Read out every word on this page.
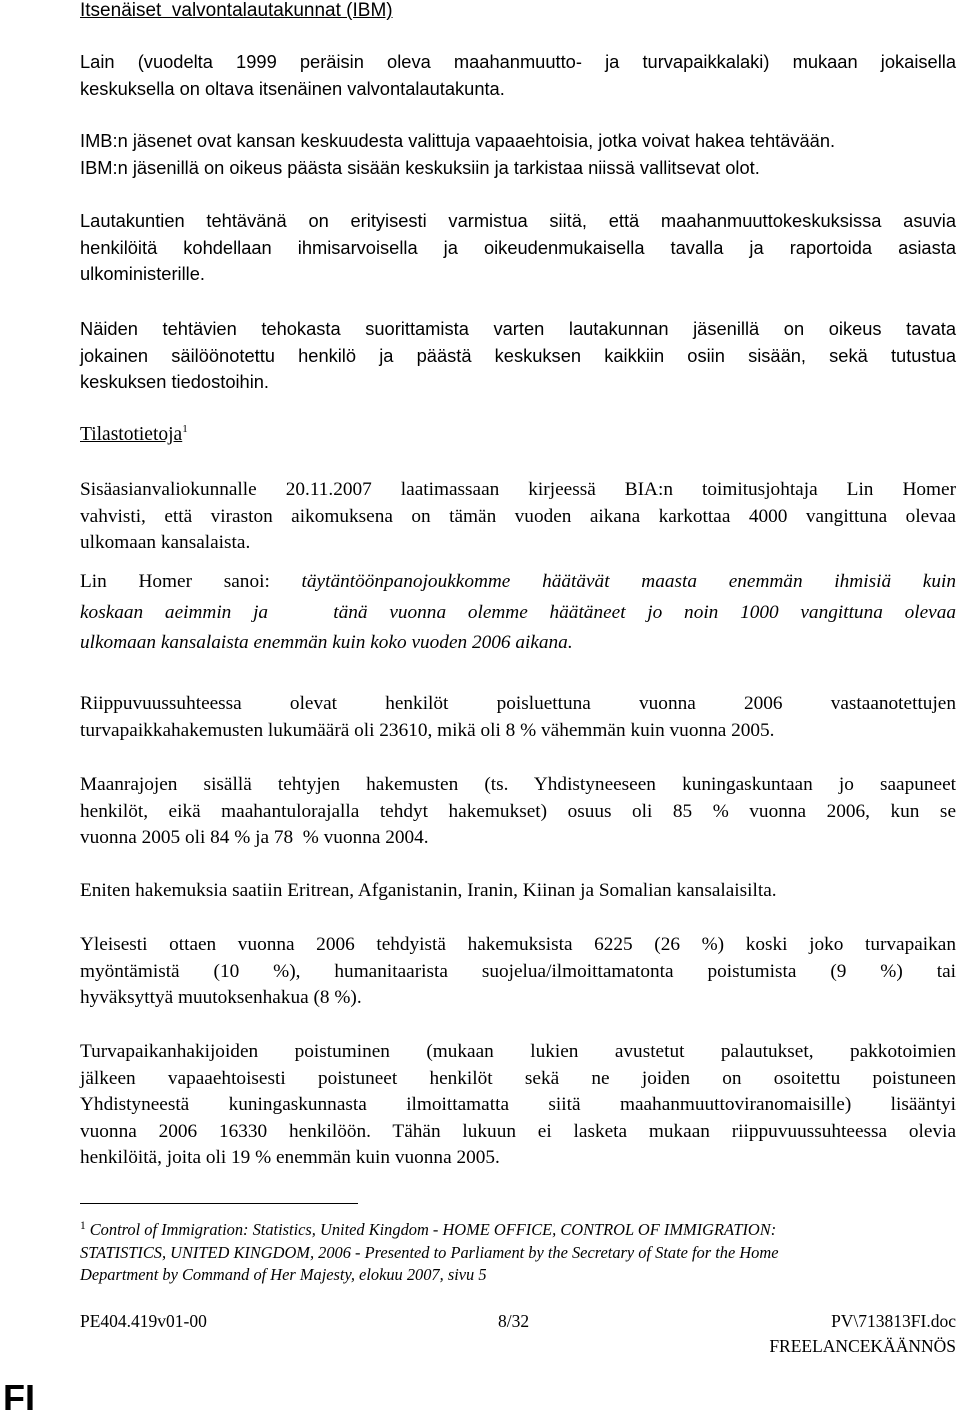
Itsenäiset  valvontalautakunnat (IBM)
Lain (vuodelta 1999 peräisin oleva maahanmuutto- ja turvapaikkalaki) mukaan jokaisella
keskuksella on oltava itsenäinen valvontalautakunta.
IMB:n jäsenet ovat kansan keskuudesta valittuja vapaaehtoisia, jotka voivat hakea tehtävään.
IBM:n jäsenillä on oikeus päästa sisään keskuksiin ja tarkistaa niissä vallitsevat olot.
Lautakuntien tehtävänä on erityisesti varmistua siitä, että maahanmuuttokeskuksissa asuvia
henkilöitä kohdellaan ihmisarvoisella ja oikeudenmukaisella tavalla ja raportoida asiasta
ulkoministerille.
Näiden tehtävien tehokasta suorittamista varten lautakunnan jäsenillä on oikeus tavata
jokainen säilöönotettu henkilö ja päästä keskuksen kaikkiin osiin sisään, sekä tutustua
keskuksen tiedostoihin.
Tilastotietoja$^1$
Sisäasianvaliokunnalle 20.11.2007 laatimassaan kirjeessä BIA:n toimitusjohtaja Lin Homer
vahvisti, että viraston aikomuksena on tämän vuoden aikana karkottaa 4000 vangittuna olevaa
ulkomaan kansalaista.
Lin Homer sanoi: täytäntöönpanojoukkomme häätävät maasta enemmän ihmisiä kuin
koskaan aeimmin ja   tänä vuonna olemme häätäneet jo noin 1000 vangittuna olevaa
ulkomaan kansalaista enemmän kuin koko vuoden 2006 aikana.
Riippuvuussuhteessa olevat henkilöt poisluettuna vuonna 2006 vastaanotettujen
turvapaikkahakemusten lukumäärä oli 23610, mikä oli 8 % vähemmän kuin vuonna 2005.
Maanrajojen sisällä tehtyjen hakemusten (ts. Yhdistyneeseen kuningaskuntaan jo saapuneet
henkilöt, eikä maahantulorajalla tehdyt hakemukset) osuus oli 85 % vuonna 2006, kun se
vuonna 2005 oli 84 % ja 78  % vuonna 2004.
Eniten hakemuksia saatiin Eritrean, Afganistanin, Iranin, Kiinan ja Somalian kansalaisilta.
Yleisesti ottaen vuonna 2006 tehdyistä hakemuksista 6225 (26 %) koski joko turvapaikan
myöntämistä (10 %), humanitaarista suojelua/ilmoittamatonta poistumista (9 %) tai
hyväksyttyä muutoksenhakua (8 %).
Turvapaikanhakijoiden poistuminen (mukaan lukien avustetut palautukset, pakkotoimien
jälkeen vapaaehtoisesti poistuneet henkilöt sekä ne joiden on osoitettu poistuneen
Yhdistyneestä kuningaskunnasta ilmoittamatta siitä maahanmuuttoviranomaisille) lisääntyi
vuonna 2006 16330 henkilöön. Tähän lukuun ei lasketa mukaan riippuvuussuhteessa olevia
henkilöitä, joita oli 19 % enemmän kuin vuonna 2005.
$^1$ Control of Immigration: Statistics, United Kingdom - HOME OFFICE, CONTROL OF IMMIGRATION:
STATISTICS, UNITED KINGDOM, 2006 - Presented to Parliament by the Secretary of State for the Home
Department by Command of Her Majesty, elokuu 2007, sivu 5
PE404.419v01-00	8/32	PV\713813FI.doc
FREELANCEKÄÄNNÖS
FI
